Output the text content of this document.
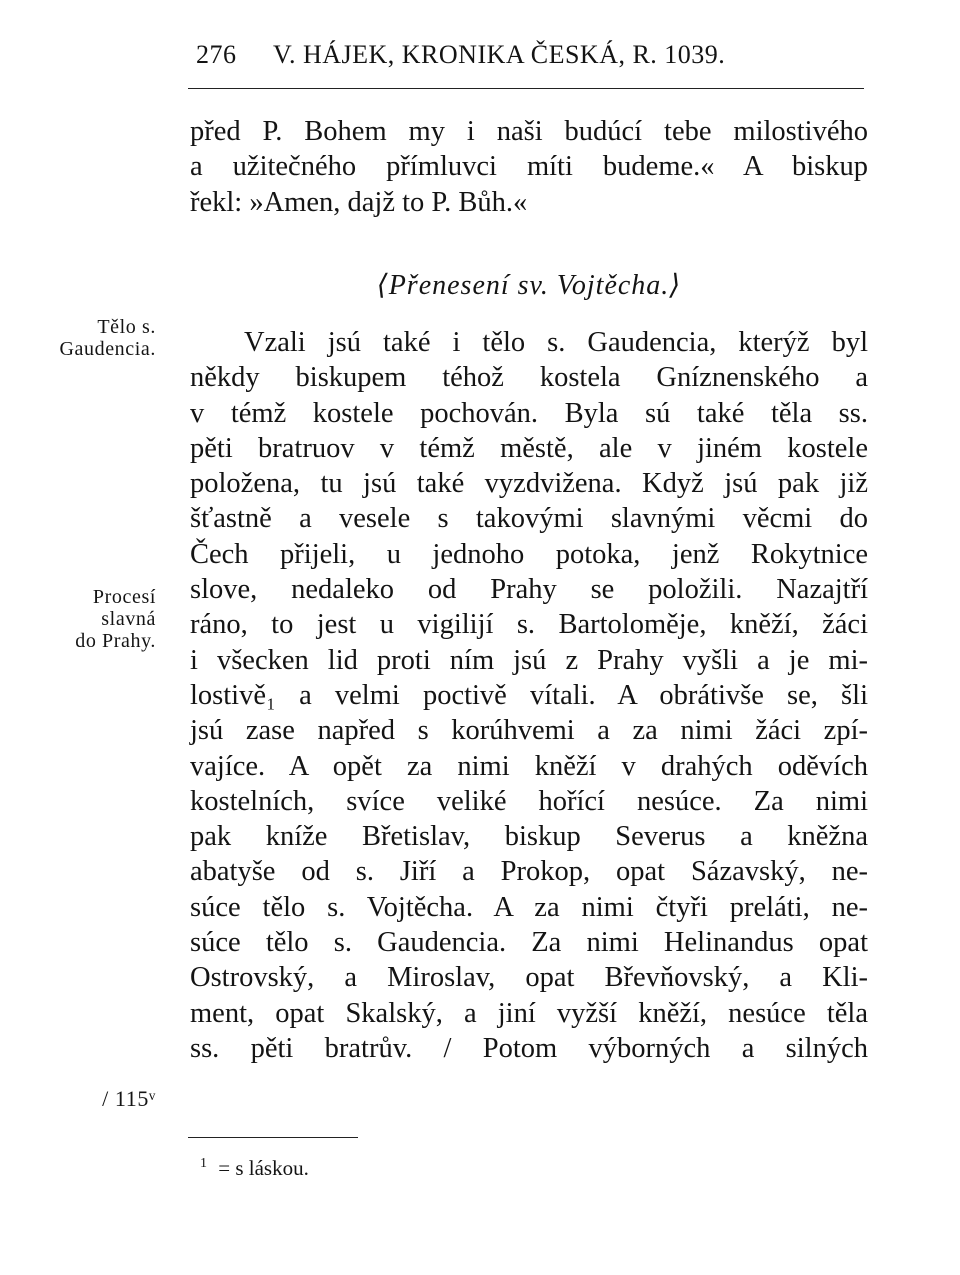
276 V. HÁJEK, KRONIKA ČESKÁ, R. 1039.
před P. Bohem my i naši budúcí tebe milostivého
a užitečného přímluvci míti budeme.« A biskup
řekl: »Amen, dajž to P. Bůh.«
⟨Přenesení sv. Vojtěcha.⟩
Tělo s.
Gaudencia.
Procesí
slavná
do Prahy.
/ 115ᵛ
Vzali jsú také i tělo s. Gaudencia, kterýž byl
někdy biskupem téhož kostela Gníznenského a
v témž kostele pochován. Byla sú také těla ss.
pěti bratruov v témž městě, ale v jiném kostele
položena, tu jsú také vyzdvižena. Když jsú pak již
šťastně a vesele s takovými slavnými věcmi do
Čech přijeli, u jednoho potoka, jenž Rokytnice
slove, nedaleko od Prahy se položili. Nazajtří
ráno, to jest u vigilijí s. Bartoloměje, kněží, žáci
i všecken lid proti ním jsú z Prahy vyšli a je mi-
lostivě₁ a velmi poctivě vítali. A obrátivše se, šli
jsú zase napřed s korúhvemi a za nimi žáci zpí-
vajíce. A opět za nimi kněží v drahých oděvích
kostelních, svíce veliké hořící nesúce. Za nimi
pak kníže Břetislav, biskup Severus a kněžna
abatyše od s. Jiří a Prokop, opat Sázavský, ne-
súce tělo s. Vojtěcha. A za nimi čtyři preláti, ne-
súce tělo s. Gaudencia. Za nimi Helinandus opat
Ostrovský, a Miroslav, opat Břevňovský, a Kli-
ment, opat Skalský, a jiní vyžší kněží, nesúce těla
ss. pěti bratrův. / Potom výborných a silných
$^1$ = s láskou.
